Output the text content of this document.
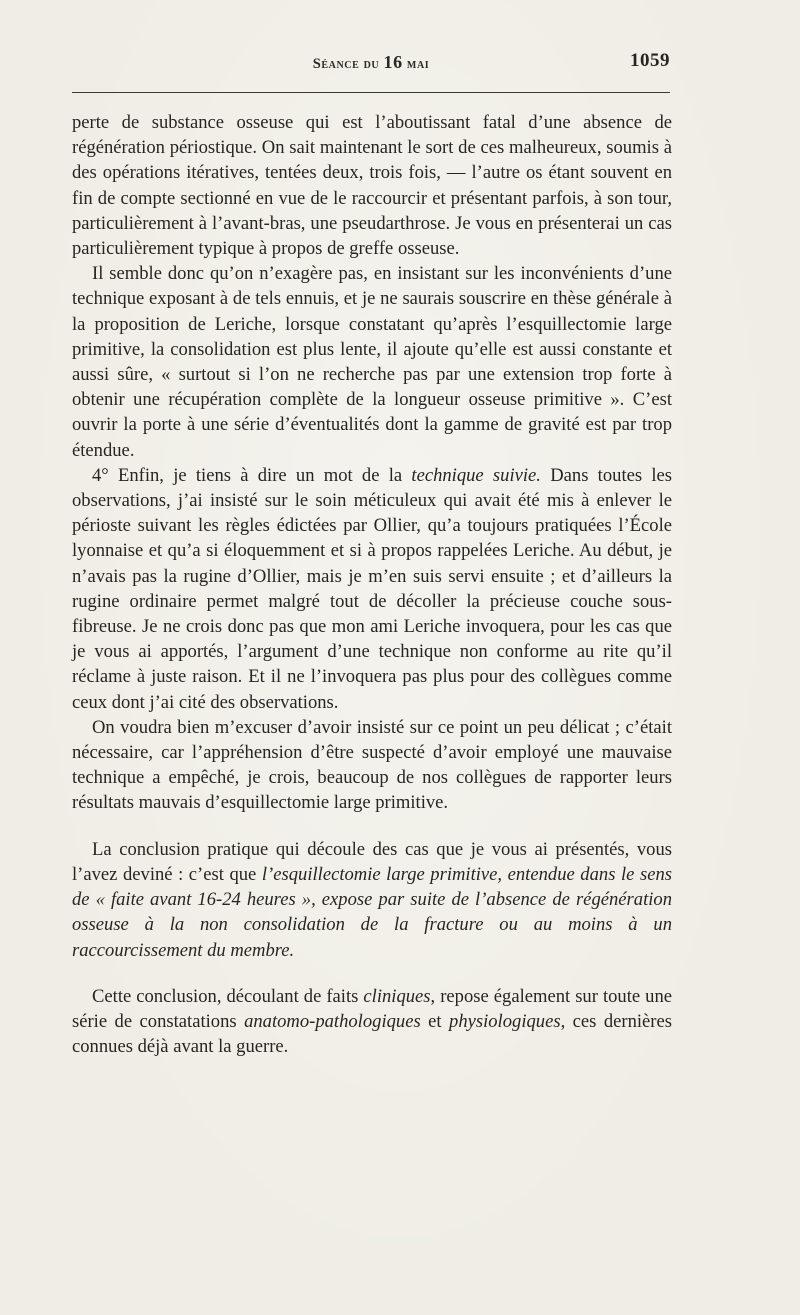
Séance du 16 mai	1059

perte de substance osseuse qui est l’aboutissant fatal d’une absence de régénération périostique. On sait maintenant le sort de ces malheureux, soumis à des opérations itératives, tentées deux, trois fois, — l’autre os étant souvent en fin de compte sectionné en vue de le raccourcir et présentant parfois, à son tour, particulièrement à l’avant-bras, une pseudarthrose. Je vous en présenterai un cas particulièrement typique à propos de greffe osseuse.

Il semble donc qu’on n’exagère pas, en insistant sur les inconvénients d’une technique exposant à de tels ennuis, et je ne saurais souscrire en thèse générale à la proposition de Leriche, lorsque constatant qu’après l’esquillectomie large primitive, la consolidation est plus lente, il ajoute qu’elle est aussi constante et aussi sûre, « surtout si l’on ne recherche pas par une extension trop forte à obtenir une récupération complète de la longueur osseuse primitive ». C’est ouvrir la porte à une série d’éventualités dont la gamme de gravité est par trop étendue.

4° Enfin, je tiens à dire un mot de la technique suivie. Dans toutes les observations, j’ai insisté sur le soin méticuleux qui avait été mis à enlever le périoste suivant les règles édictées par Ollier, qu’a toujours pratiquées l’École lyonnaise et qu’a si éloquemment et si à propos rappelées Leriche. Au début, je n’avais pas la rugine d’Ollier, mais je m’en suis servi ensuite ; et d’ailleurs la rugine ordinaire permet malgré tout de décoller la précieuse couche sous-fibreuse. Je ne crois donc pas que mon ami Leriche invoquera, pour les cas que je vous ai apportés, l’argument d’une technique non conforme au rite qu’il réclame à juste raison. Et il ne l’invoquera pas plus pour des collègues comme ceux dont j’ai cité des observations.

On voudra bien m’excuser d’avoir insisté sur ce point un peu délicat ; c’était nécessaire, car l’appréhension d’être suspecté d’avoir employé une mauvaise technique a empêché, je crois, beaucoup de nos collègues de rapporter leurs résultats mauvais d’esquillectomie large primitive.

La conclusion pratique qui découle des cas que je vous ai présentés, vous l’avez deviné : c’est que l’esquillectomie large primitive, entendue dans le sens de « faite avant 16-24 heures », expose par suite de l’absence de régénération osseuse à la non consolidation de la fracture ou au moins à un raccourcissement du membre.

Cette conclusion, découlant de faits cliniques, repose également sur toute une série de constatations anatomo-pathologiques et physiologiques, ces dernières connues déjà avant la guerre.
